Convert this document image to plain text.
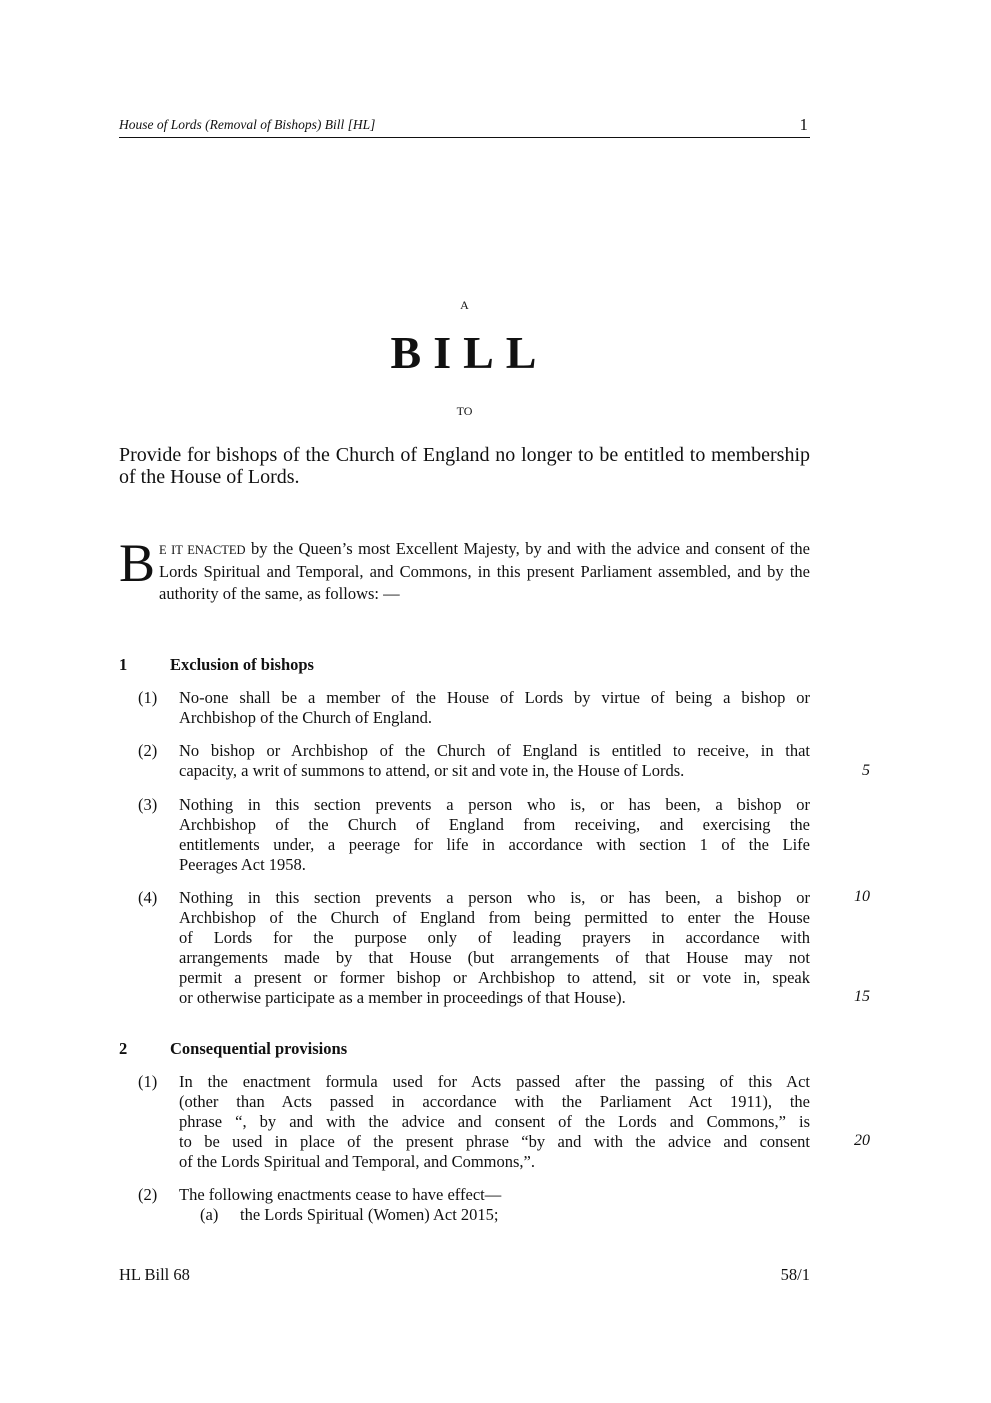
House of Lords (Removal of Bishops) Bill [HL]	1
A
BILL
TO
Provide for bishops of the Church of England no longer to be entitled to membership of the House of Lords.
B E IT ENACTED by the Queen’s most Excellent Majesty, by and with the advice and consent of the Lords Spiritual and Temporal, and Commons, in this present Parliament assembled, and by the authority of the same, as follows: —
1	Exclusion of bishops
(1) No-one shall be a member of the House of Lords by virtue of being a bishop or
Archbishop of the Church of England.
(2) No bishop or Archbishop of the Church of England is entitled to receive, in that
capacity, a writ of summons to attend, or sit and vote in, the House of Lords.
(3) Nothing in this section prevents a person who is, or has been, a bishop or
Archbishop of the Church of England from receiving, and exercising the
entitlements under, a peerage for life in accordance with section 1 of the Life
Peerages Act 1958.
(4) Nothing in this section prevents a person who is, or has been, a bishop or
Archbishop of the Church of England from being permitted to enter the House
of Lords for the purpose only of leading prayers in accordance with
arrangements made by that House (but arrangements of that House may not
permit a present or former bishop or Archbishop to attend, sit or vote in, speak
or otherwise participate as a member in proceedings of that House).
2	Consequential provisions
(1) In the enactment formula used for Acts passed after the passing of this Act
(other than Acts passed in accordance with the Parliament Act 1911), the
phrase “, by and with the advice and consent of the Lords and Commons,” is
to be used in place of the present phrase “by and with the advice and consent
of the Lords Spiritual and Temporal, and Commons,”.
(2) The following enactments cease to have effect—
(a) the Lords Spiritual (Women) Act 2015;
5
10
15
20
HL Bill 68	58/1
